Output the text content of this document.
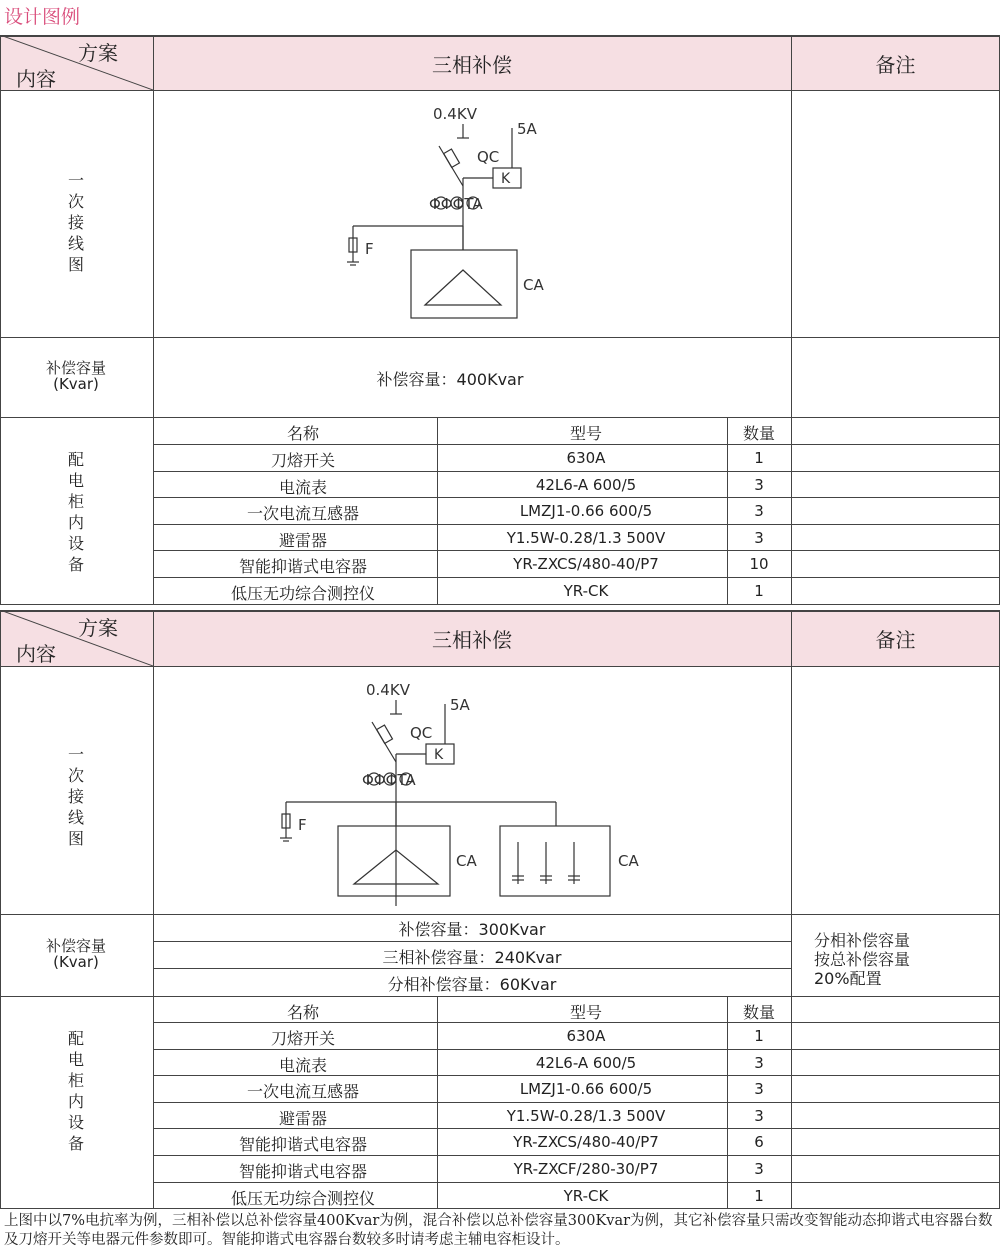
设计图例
方案
内容
三相补偿	备注
一
次
接
线
图
配
电
柜
内
设
备
补偿容量
(Kvar)	补偿容量：400Kvar
名称	型号	数量
刀熔开关	630A	1
电流表	42L6-A 600/5	3
一次电流互感器	LMZJ1-0.66 600/5	3
避雷器	Y1.5W-0.28/1.3 500V	3
智能抑谐式电容器	YR-ZXCS/480-40/P7	10
低压无功综合测控仪	YR-CK	1
0.4KV
5A
QC
K
ΦΦΦTA
F
CA
方案
内容
三相补偿	备注
一
次
接
线
图
配
电
柜
内
设
备
补偿容量
(Kvar)
补偿容量：300Kvar
三相补偿容量：240Kvar
分相补偿容量：60Kvar
分相补偿容量
按总补偿容量
20%配置
名称	型号	数量
刀熔开关	630A	1
电流表	42L6-A 600/5	3
一次电流互感器	LMZJ1-0.66 600/5	3
避雷器	Y1.5W-0.28/1.3 500V	3
智能抑谐式电容器	YR-ZXCS/480-40/P7	6
智能抑谐式电容器	YR-ZXCF/280-30/P7	3
低压无功综合测控仪	YR-CK	1
0.4KV
5A
QC
K
ΦΦΦTA
F
CA	CA
上图中以7%电抗率为例，三相补偿以总补偿容量400Kvar为例，混合补偿以总补偿容量300Kvar为例，其它补偿容量只需改变智能动态抑谐式电容器台数及刀熔开关等电器元件参数即可。智能抑谐式电容器台数较多时请考虑主辅电容柜设计。
